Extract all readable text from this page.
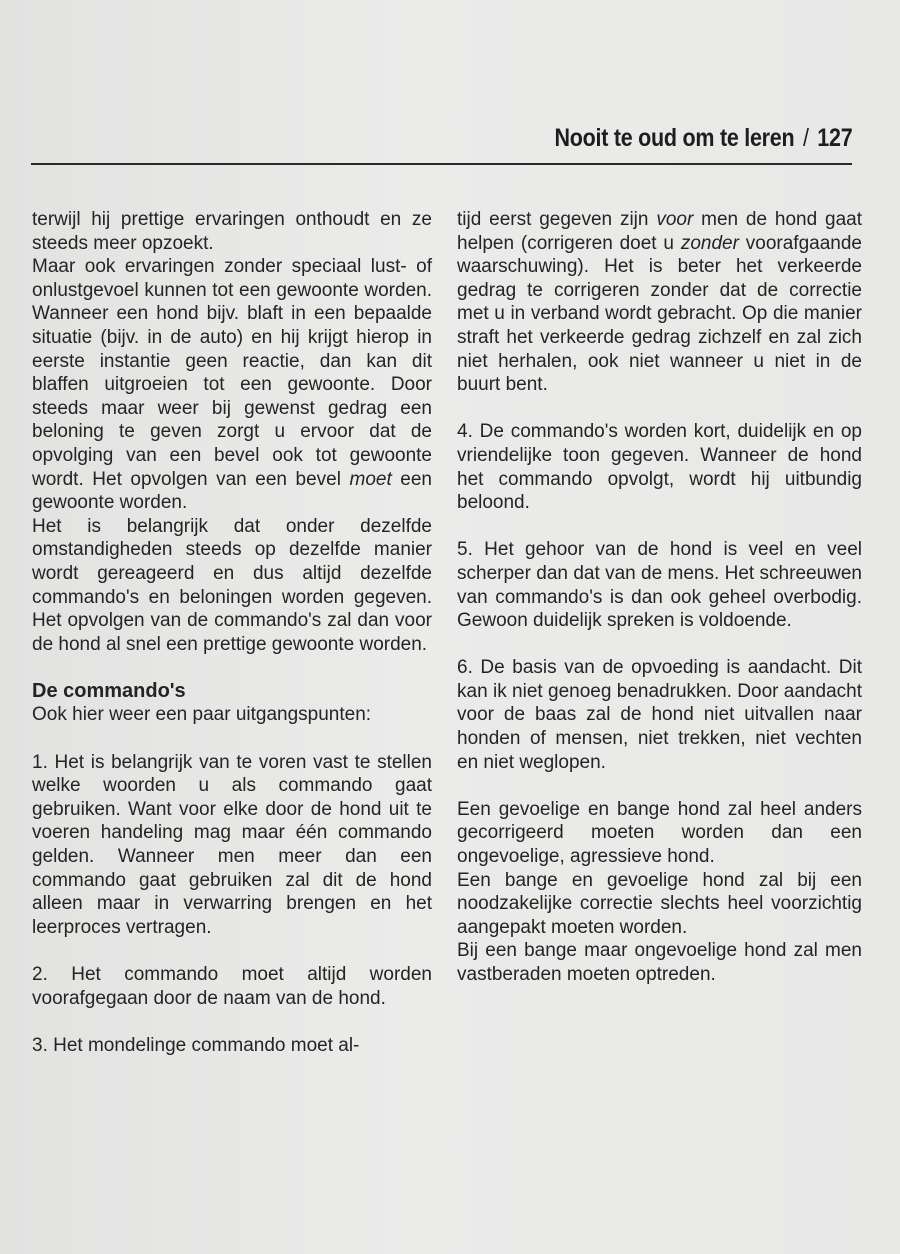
Nooit te oud om te leren / 127

terwijl hij prettige ervaringen onthoudt en ze steeds meer opzoekt.

Maar ook ervaringen zonder speciaal lust- of onlustgevoel kunnen tot een gewoonte worden. Wanneer een hond bijv. blaft in een bepaalde situatie (bijv. in de auto) en hij krijgt hierop in eerste instantie geen reactie, dan kan dit blaffen uitgroeien tot een gewoonte. Door steeds maar weer bij gewenst gedrag een beloning te geven zorgt u ervoor dat de opvolging van een bevel ook tot gewoonte wordt. Het opvolgen van een bevel moet een gewoonte worden.

Het is belangrijk dat onder dezelfde omstandigheden steeds op dezelfde manier wordt gereageerd en dus altijd dezelfde commando's en beloningen worden gegeven. Het opvolgen van de commando's zal dan voor de hond al snel een prettige gewoonte worden.

De commando's

Ook hier weer een paar uitgangspunten:

1. Het is belangrijk van te voren vast te stellen welke woorden u als commando gaat gebruiken. Want voor elke door de hond uit te voeren handeling mag maar één commando gelden. Wanneer men meer dan een commando gaat gebruiken zal dit de hond alleen maar in verwarring brengen en het leerproces vertragen.

2. Het commando moet altijd worden voorafgegaan door de naam van de hond.

3. Het mondelinge commando moet al-

tijd eerst gegeven zijn voor men de hond gaat helpen (corrigeren doet u zonder voorafgaande waarschuwing). Het is beter het verkeerde gedrag te corrigeren zonder dat de correctie met u in verband wordt gebracht. Op die manier straft het verkeerde gedrag zichzelf en zal zich niet herhalen, ook niet wanneer u niet in de buurt bent.

4. De commando's worden kort, duidelijk en op vriendelijke toon gegeven. Wanneer de hond het commando opvolgt, wordt hij uitbundig beloond.

5. Het gehoor van de hond is veel en veel scherper dan dat van de mens. Het schreeuwen van commando's is dan ook geheel overbodig. Gewoon duidelijk spreken is voldoende.

6. De basis van de opvoeding is aandacht. Dit kan ik niet genoeg benadrukken. Door aandacht voor de baas zal de hond niet uitvallen naar honden of mensen, niet trekken, niet vechten en niet weglopen.

Een gevoelige en bange hond zal heel anders gecorrigeerd moeten worden dan een ongevoelige, agressieve hond.

Een bange en gevoelige hond zal bij een noodzakelijke correctie slechts heel voorzichtig aangepakt moeten worden.

Bij een bange maar ongevoelige hond zal men vastberaden moeten optreden.
